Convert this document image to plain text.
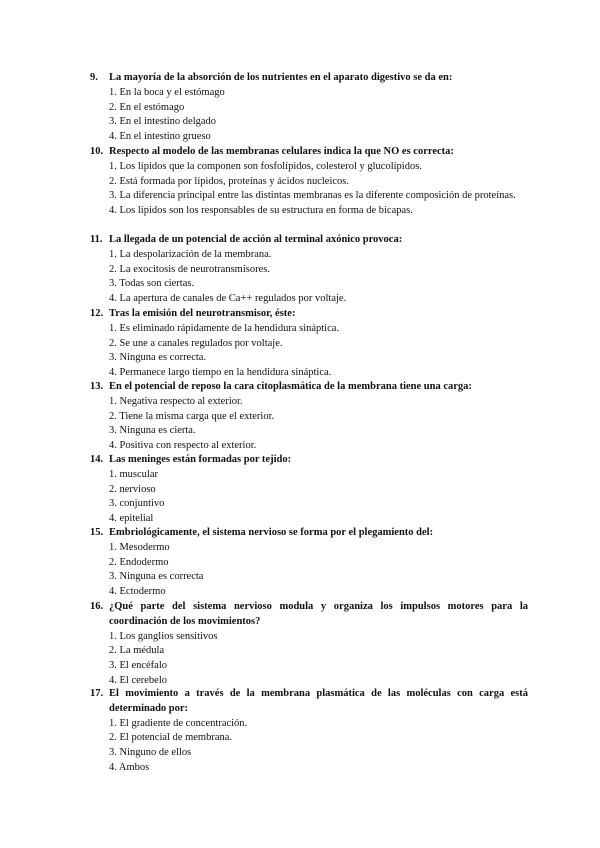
9.	La mayoría de la absorción de los nutrientes en el aparato digestivo se da en:
1. En la boca y el estómago
2. En el estómago
3. En el intestino delgado
4. En el intestino grueso
10. Respecto al modelo de las membranas celulares indica la que NO es correcta:
1. Los lípidos que la componen son fosfolípidos, colesterol y glucolípidos.
2. Está formada por lípidos, proteínas y ácidos nucleicos.
3. La diferencia principal entre las distintas membranas es la diferente composición de proteínas.
4. Los lípidos son los responsables de su estructura en forma de bicapas.
11. La llegada de un potencial de acción al terminal axónico provoca:
1. La despolarización de la membrana.
2. La exocitosis de neurotransmisores.
3. Todas son ciertas.
4. La apertura de canales de Ca++ regulados por voltaje.
12. Tras la emisión del neurotransmisor, éste:
1. Es eliminado rápidamente de la hendidura sináptica.
2. Se une a canales regulados por voltaje.
3. Ninguna es correcta.
4. Permanece largo tiempo en la hendidura sináptica.
13. En el potencial de reposo la cara citoplasmática de la membrana tiene una carga:
1. Negativa respecto al exterior.
2. Tiene la misma carga que el exterior.
3. Ninguna es cierta.
4. Positiva con respecto al exterior.
14. Las meninges están formadas por tejido:
1. muscular
2. nervioso
3. conjuntivo
4. epitelial
15. Embriológicamente, el sistema nervioso se forma por el plegamiento del:
1. Mesodermo
2. Endodermo
3. Ninguna es correcta
4. Ectodermo
16. ¿Qué parte del sistema nervioso modula y organiza los impulsos motores para la coordinación de los movimientos?
1. Los ganglios sensitivos
2. La médula
3. El encéfalo
4. El cerebelo
17. El movimiento a través de la membrana plasmática de las moléculas con carga está determinado por:
1. El gradiente de concentración.
2. El potencial de membrana.
3. Ninguno de ellos
4. Ambos
